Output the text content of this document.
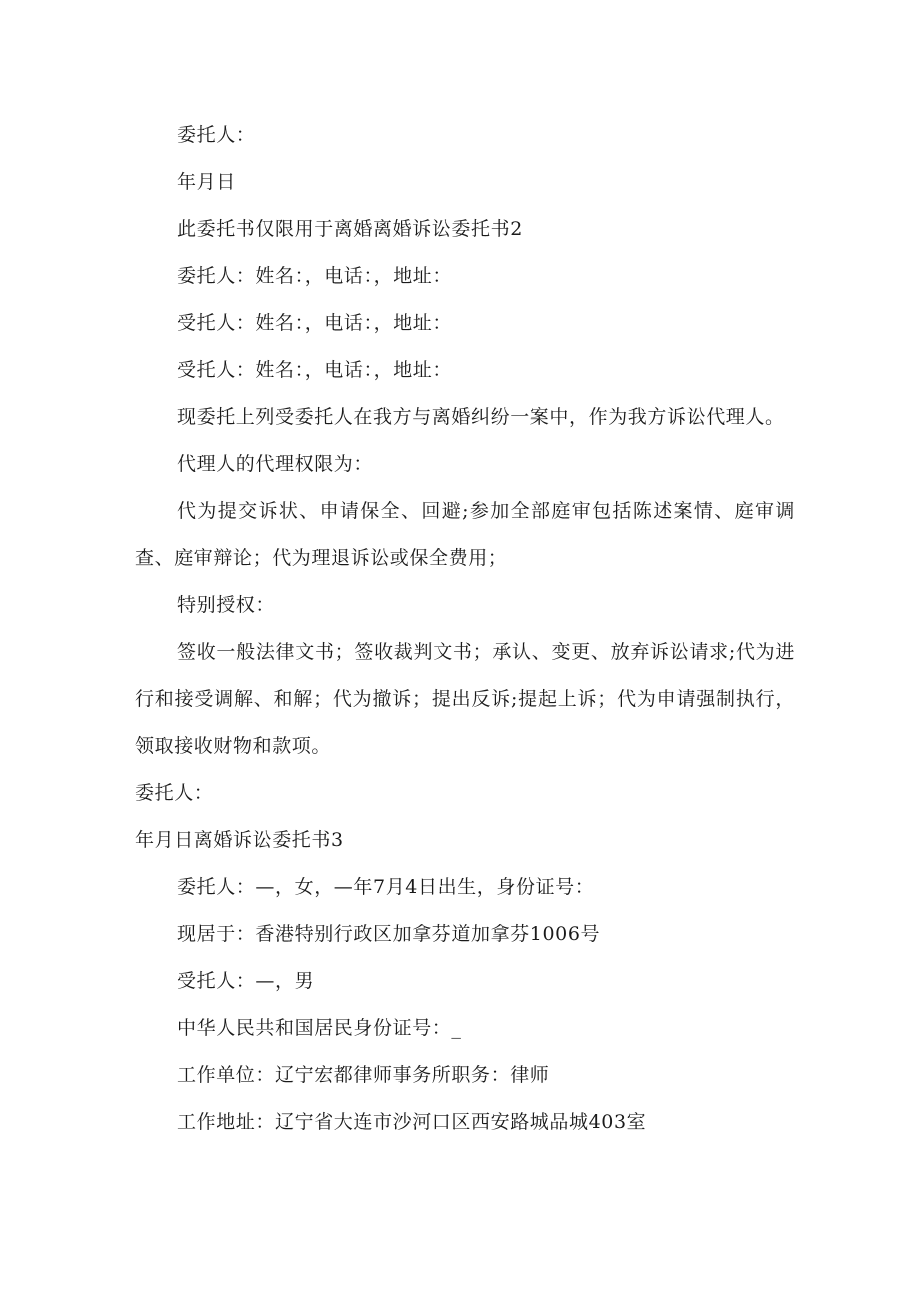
委托人：

年月日

此委托书仅限用于离婚离婚诉讼委托书2

委托人：姓名：，电话：，地址：

受托人：姓名：，电话：，地址：

受托人：姓名：，电话：，地址：

现委托上列受委托人在我方与离婚纠纷一案中，作为我方诉讼代理人。

代理人的代理权限为：

代为提交诉状、申请保全、回避;参加全部庭审包括陈述案情、庭审调查、庭审辩论；代为理退诉讼或保全费用；

特别授权：

签收一般法律文书；签收裁判文书；承认、变更、放弃诉讼请求;代为进行和接受调解、和解；代为撤诉；提出反诉;提起上诉；代为申请强制执行，领取接收财物和款项。

委托人：

年月日离婚诉讼委托书3

委托人：—，女，—年7月4日出生，身份证号：

现居于：香港特别行政区加拿芬道加拿芬1006号

受托人：—，男

中华人民共和国居民身份证号：_

工作单位：辽宁宏都律师事务所职务：律师

工作地址：辽宁省大连市沙河口区西安路城品城403室
